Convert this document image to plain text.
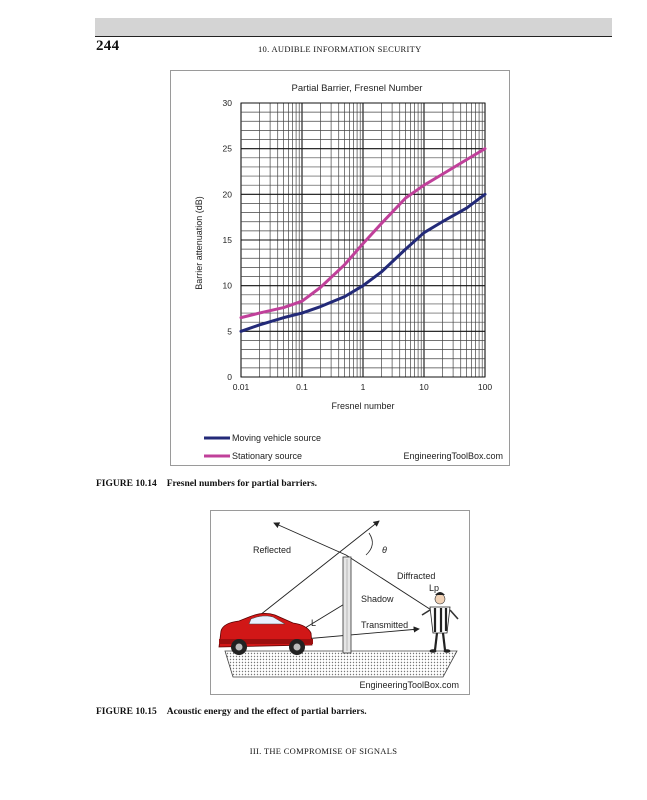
244	10. AUDIBLE INFORMATION SECURITY
Partial Barrier, Fresnel Number
0.01	0.1	1	10	100
0
5
10
15
20
25
30
Fresnel number
Barrier attenuation (dB)
Moving vehicle source
Stationary source	EngineeringToolBox.com
FIGURE 10.14 Fresnel numbers for partial barriers.
Reflected	θ
Diffracted
Lp
Shadow
L	Transmitted
EngineeringToolBox.com
FIGURE 10.15 Acoustic energy and the effect of partial barriers.
III. THE COMPROMISE OF SIGNALS
